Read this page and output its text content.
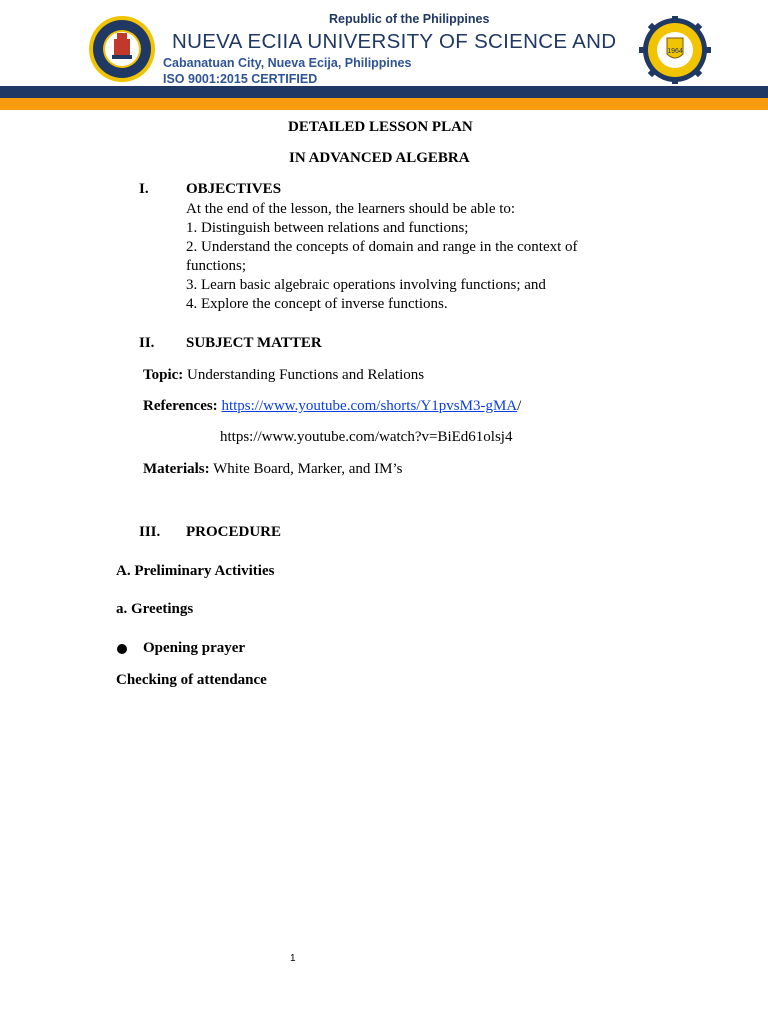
Republic of the Philippines
NUEVA ECIIA UNIVERSITY OF SCIENCE AND
Cabanatuan City, Nueva Ecija, Philippines
ISO 9001:2015 CERTIFIED
1964
DETAILED LESSON PLAN
IN ADVANCED ALGEBRA
I. OBJECTIVES
At the end of the lesson, the learners should be able to:
1. Distinguish between relations and functions;
2. Understand the concepts of domain and range in the context of
functions;
3. Learn basic algebraic operations involving functions; and
4. Explore the concept of inverse functions.
II. SUBJECT MATTER
Topic: Understanding Functions and Relations
References: https://www.youtube.com/shorts/Y1pvsM3-gMA/
https://www.youtube.com/watch?v=BiEd61olsj4
Materials: White Board, Marker, and IM’s
III. PROCEDURE
A. Preliminary Activities
a. Greetings
Opening prayer
Checking of attendance
1
